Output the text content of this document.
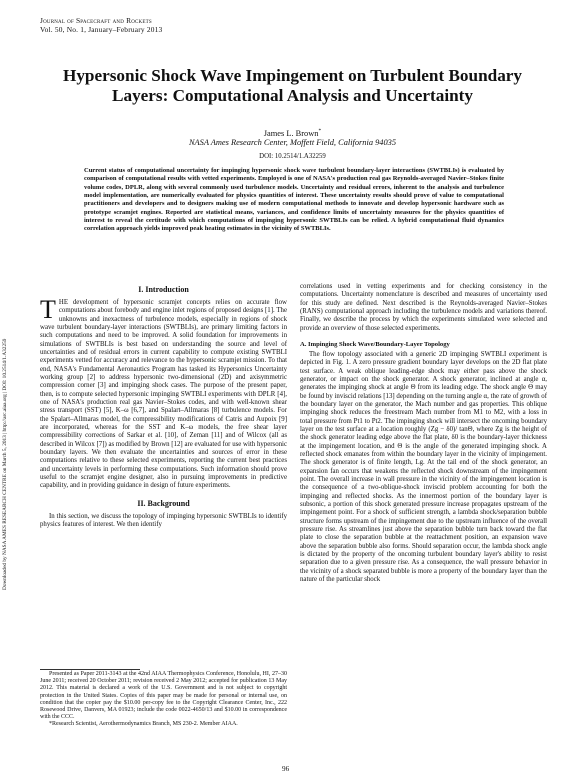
Journal of Spacecraft and Rockets
Vol. 50, No. 1, January–February 2013
Hypersonic Shock Wave Impingement on Turbulent Boundary Layers: Computational Analysis and Uncertainty
James L. Brown*
NASA Ames Research Center, Moffett Field, California 94035
DOI: 10.2514/1.A32259
Current status of computational uncertainty for impinging hypersonic shock wave turbulent boundary-layer interactions (SWTBLIs) is evaluated by comparison of computational results with vetted experiments. Employed is one of NASA's production real gas Reynolds-averaged Navier–Stokes finite volume codes, DPLR, along with several commonly used turbulence models. Uncertainty and residual errors, inherent to the analysis and turbulence model implementation, are numerically evaluated for physics quantities of interest. These uncertainty results should prove of value to computational practitioners and developers and to designers making use of modern computational methods to innovate and develop hypersonic hardware such as prototype scramjet engines. Reported are statistical means, variances, and confidence limits of uncertainty measures for the physics quantities of interest to reveal the certitude with which computations of impinging hypersonic SWTBLIs can be relied. A hybrid computational fluid dynamics correlation approach yields improved peak heating estimates in the vicinity of SWTBLIs.
Downloaded by NASA AMES RESEARCH CENTRE on March 5, 2013 | http://arc.aiaa.org | DOI: 10.2514/1.A32259
I. Introduction

THE development of hypersonic scramjet concepts relies on accurate flow computations about forebody and engine inlet regions of proposed designs [1]. The unknowns and inexactness of turbulence models, especially in regions of shock wave turbulent boundary-layer interactions (SWTBLIs), are primary limiting factors in such computations and need to be improved. A solid foundation for improvements in simulations of SWTBLIs is best based on understanding the source and level of uncertainties and of residual errors in current capability to compute existing SWTBLI experiments vetted for accuracy and relevance to the hypersonic scramjet mission. To that end, NASA's Fundamental Aeronautics Program has tasked its Hypersonics Uncertainty working group [2] to address hypersonic two-dimensional (2D) and axisymmetric compression corner [3] and impinging shock cases. The purpose of the present paper, then, is to compute selected hypersonic impinging SWTBLI experiments with DPLR [4], one of NASA's production real gas Navier–Stokes codes, and with well-known shear stress transport (SST) [5], K–ω [6,7], and Spalart–Allmaras [8] turbulence models. For the Spalart–Allmaras model, the compressibility modifications of Catris and Aupoix [9] are incorporated, whereas for the SST and K–ω models, the free shear layer compressibility corrections of Sarkar et al. [10], of Zeman [11] and of Wilcox (all as described in Wilcox [7]) as modified by Brown [12] are evaluated for use with hypersonic boundary layers. We then evaluate the uncertainties and sources of error in these computations relative to these selected experiments, reporting the current best practices and uncertainty levels in performing these computations. Such information should prove useful to the scramjet engine designer, also in pursuing improvements in predictive capability, and in providing guidance in design of future experiments.

II. Background

In this section, we discuss the topology of impinging hypersonic SWTBLIs to identify physics features of interest. We then identify

Presented as Paper 2011-3143 at the 42nd AIAA Thermophysics Conference, Honolulu, HI, 27–30 June 2011; received 20 October 2011; revision received 2 May 2012; accepted for publication 13 May 2012. This material is declared a work of the U.S. Government and is not subject to copyright protection in the United States. Copies of this paper may be made for personal or internal use, on condition that the copier pay the $10.00 per-copy fee to the Copyright Clearance Center, Inc., 222 Rosewood Drive, Danvers, MA 01923; include the code 0022-4650/13 and $10.00 in correspondence with the CCC.

*Research Scientist, Aerothermodynamics Branch, MS 230-2. Member AIAA.

correlations used in vetting experiments and for checking consistency in the computations. Uncertainty nomenclature is described and measures of uncertainty used for this study are defined. Next described is the Reynolds-averaged Navier–Stokes (RANS) computational approach including the turbulence models and variations thereof. Finally, we describe the process by which the experiments simulated were selected and provide an overview of those selected experiments.

A. Impinging Shock Wave/Boundary-Layer Topology

The flow topology associated with a generic 2D impinging SWTBLI experiment is depicted in Fig. 1. A zero pressure gradient boundary layer develops on the 2D flat plate test surface. A weak oblique leading-edge shock may either pass above the shock generator, or impact on the shock generator. A shock generator, inclined at angle α, generates the impinging shock at angle Θ from its leading edge. The shock angle Θ may be found by inviscid relations [13] depending on the turning angle α, the rate of growth of the boundary layer on the generator, the Mach number and gas properties. This oblique impinging shock reduces the freestream Mach number from M1 to M2, with a loss in total pressure from Pt1 to Pt2. The impinging shock will intersect the oncoming boundary layer on the test surface at a location roughly (Zg − δ0)/ tanΘ, where Zg is the height of the shock generator leading edge above the flat plate, δ0 is the boundary-layer thickness at the impingement location, and Θ is the angle of the generated impinging shock. A reflected shock emanates from within the boundary layer in the vicinity of impingement. The shock generator is of finite length, Lg. At the tail end of the shock generator, an expansion fan occurs that weakens the reflected shock downstream of the impingement point. The overall increase in wall pressure in the vicinity of the impingement location is the consequence of a two-oblique-shock inviscid problem accounting for both the impinging and reflected shocks. As the innermost portion of the boundary layer is subsonic, a portion of this shock generated pressure increase propagates upstream of the impingement point. For a shock of sufficient strength, a lambda shock/separation bubble structure forms upstream of the impingement due to the upstream influence of the overall pressure rise. As streamlines just above the separation bubble turn back toward the flat plate to close the separation bubble at the reattachment position, an expansion wave above the separation bubble also forms. Should separation occur, the lambda shock angle is dictated by the property of the oncoming turbulent boundary layer's ability to resist separation due to a given pressure rise. As a consequence, the wall pressure behavior in the vicinity of a shock separated bubble is more a property of the boundary layer than the nature of the particular shock

96
